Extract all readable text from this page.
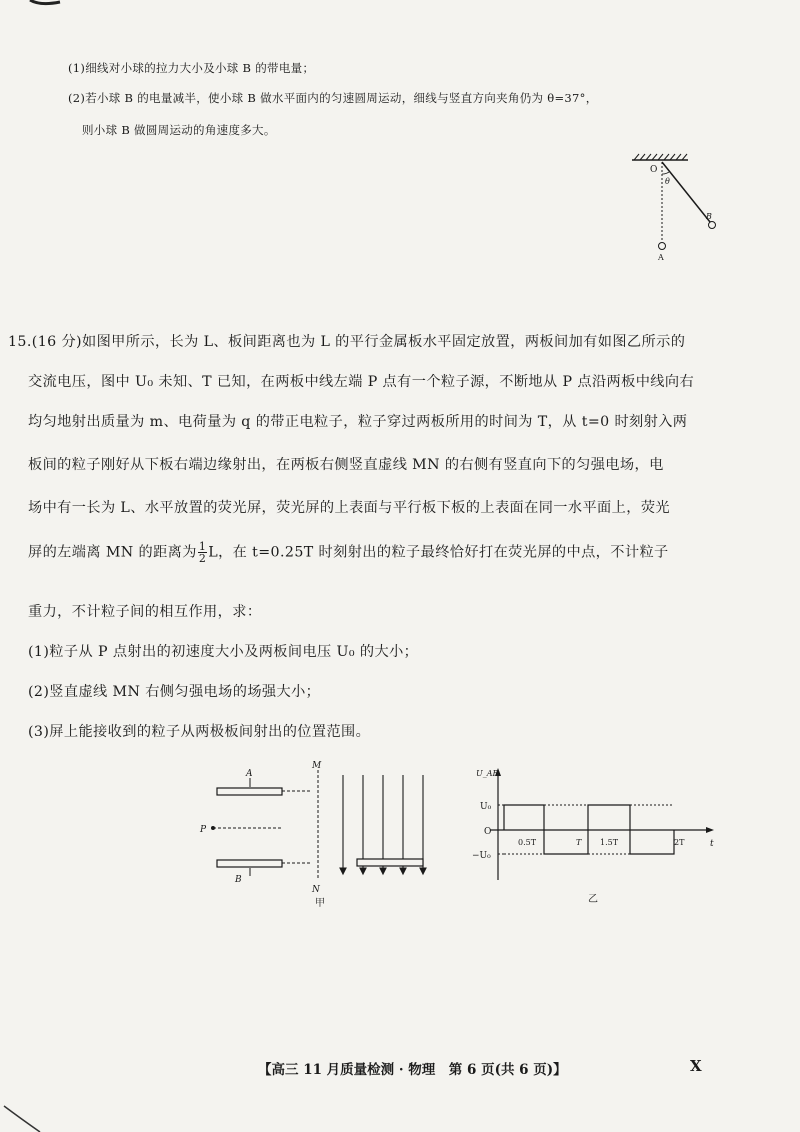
(1)细线对小球的拉力大小及小球 B 的带电量；
(2)若小球 B 的电量减半，使小球 B 做水平面内的匀速圆周运动，细线与竖直方向夹角仍为 θ=37°，
则小球 B 做圆周运动的角速度多大。
O
θ
B
A
15.(16 分)如图甲所示，长为 L、板间距离也为 L 的平行金属板水平固定放置，两板间加有如图乙所示的
交流电压，图中 U₀ 未知、T 已知，在两板中线左端 P 点有一个粒子源，不断地从 P 点沿两板中线向右
均匀地射出质量为 m、电荷量为 q 的带正电粒子，粒子穿过两板所用的时间为 T，从 t=0 时刻射入两
板间的粒子刚好从下板右端边缘射出，在两板右侧竖直虚线 MN 的右侧有竖直向下的匀强电场，电
场中有一长为 L、水平放置的荧光屏，荧光屏的上表面与平行板下板的上表面在同一水平面上，荧光
屏的左端离 MN 的距离为 $\frac{1}{2}$ L，在 t=0.25T 时刻射出的粒子最终恰好打在荧光屏的中点，不计粒子
重力，不计粒子间的相互作用，求：
(1)粒子从 P 点射出的初速度大小及两板间电压 U₀ 的大小；
(2)竖直虚线 MN 右侧匀强电场的场强大小；
(3)屏上能接收到的粒子从两极板间射出的位置范围。
A
B
P
M
N
甲
U_AB
U₀
O
−U₀
0.5T	T 1.5T	2T	t
乙
【高三 11 月质量检测 · 物理　第 6 页(共 6 页)】	X
